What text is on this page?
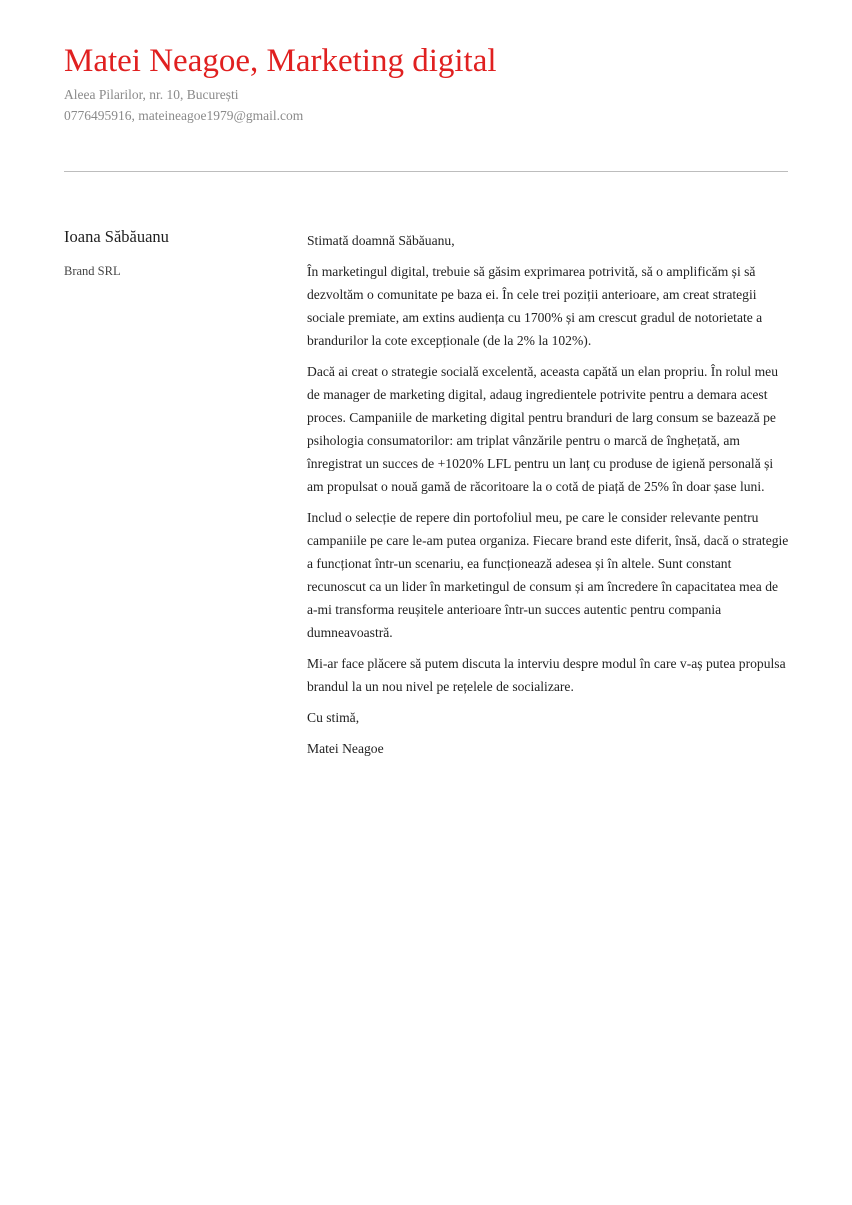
Matei Neagoe, Marketing digital
Aleea Pilarilor, nr. 10, București
0776495916, mateineagoe1979@gmail.com
Ioana Săbăuanu
Brand SRL

Stimată doamnă Săbăuanu,

În marketingul digital, trebuie să găsim exprimarea potrivită, să o amplificăm și să dezvoltăm o comunitate pe baza ei. În cele trei poziții anterioare, am creat strategii sociale premiate, am extins audiența cu 1700% și am crescut gradul de notorietate a brandurilor la cote excepționale (de la 2% la 102%).

Dacă ai creat o strategie socială excelentă, aceasta capătă un elan propriu. În rolul meu de manager de marketing digital, adaug ingredientele potrivite pentru a demara acest proces. Campaniile de marketing digital pentru branduri de larg consum se bazează pe psihologia consumatorilor: am triplat vânzările pentru o marcă de înghețată, am înregistrat un succes de +1020% LFL pentru un lanț cu produse de igienă personală și am propulsat o nouă gamă de răcoritoare la o cotă de piață de 25% în doar șase luni.

Includ o selecție de repere din portofoliul meu, pe care le consider relevante pentru campaniile pe care le-am putea organiza. Fiecare brand este diferit, însă, dacă o strategie a funcționat într-un scenariu, ea funcționează adesea și în altele. Sunt constant recunoscut ca un lider în marketingul de consum și am încredere în capacitatea mea de a-mi transforma reușitele anterioare într-un succes autentic pentru compania dumneavoastră.

Mi-ar face plăcere să putem discuta la interviu despre modul în care v-aș putea propulsa brandul la un nou nivel pe rețelele de socializare.

Cu stimă,

Matei Neagoe
